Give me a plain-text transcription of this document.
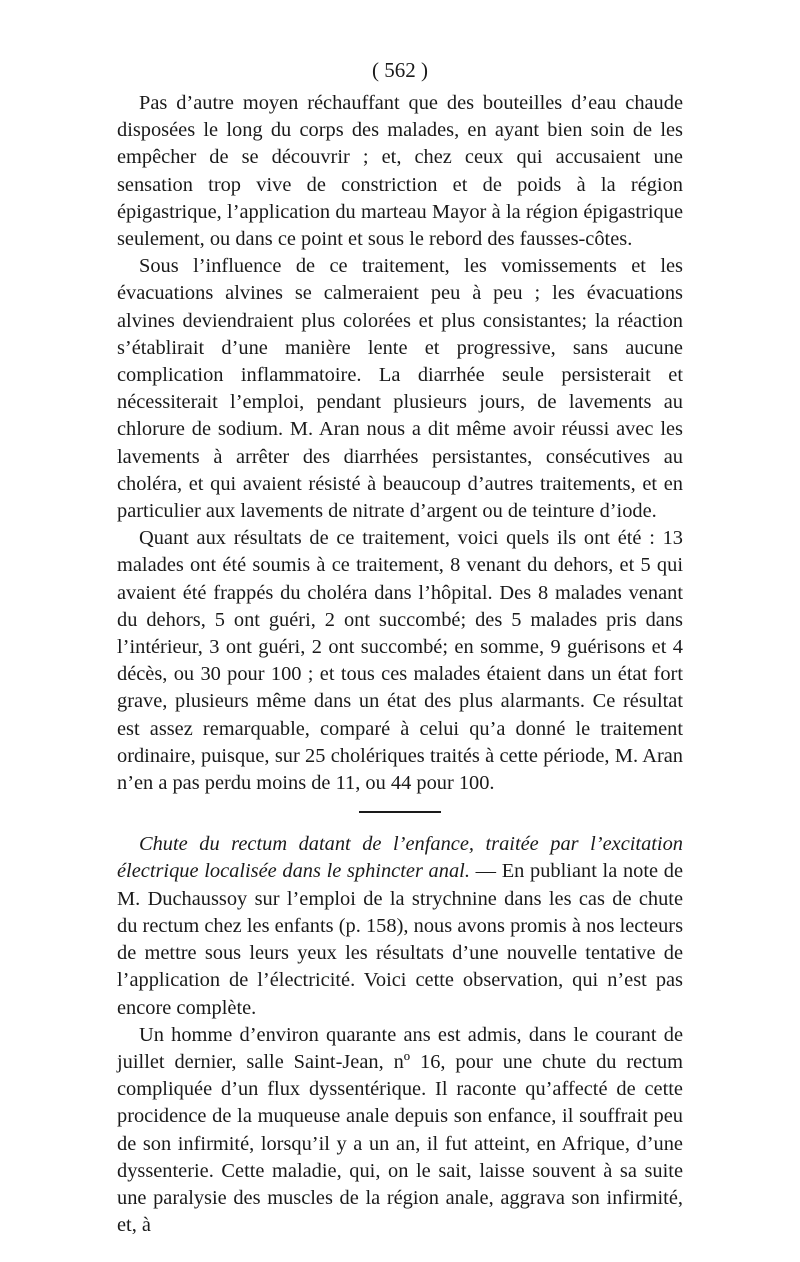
( 562 )

Pas d’autre moyen réchauffant que des bouteilles d’eau chaude disposées le long du corps des malades, en ayant bien soin de les empêcher de se découvrir ; et, chez ceux qui accusaient une sensation trop vive de constriction et de poids à la région épigastrique, l’application du marteau Mayor à la région épigastrique seulement, ou dans ce point et sous le rebord des fausses-côtes.

Sous l’influence de ce traitement, les vomissements et les évacuations alvines se calmeraient peu à peu ; les évacuations alvines deviendraient plus colorées et plus consistantes; la réaction s’établirait d’une manière lente et progressive, sans aucune complication inflammatoire. La diarrhée seule persisterait et nécessiterait l’emploi, pendant plusieurs jours, de lavements au chlorure de sodium. M. Aran nous a dit même avoir réussi avec les lavements à arrêter des diarrhées persistantes, consécutives au choléra, et qui avaient résisté à beaucoup d’autres traitements, et en particulier aux lavements de nitrate d’argent ou de teinture d’iode.

Quant aux résultats de ce traitement, voici quels ils ont été : 13 malades ont été soumis à ce traitement, 8 venant du dehors, et 5 qui avaient été frappés du choléra dans l’hôpital. Des 8 malades venant du dehors, 5 ont guéri, 2 ont succombé; des 5 malades pris dans l’intérieur, 3 ont guéri, 2 ont succombé; en somme, 9 guérisons et 4 décès, ou 30 pour 100 ; et tous ces malades étaient dans un état fort grave, plusieurs même dans un état des plus alarmants. Ce résultat est assez remarquable, comparé à celui qu’a donné le traitement ordinaire, puisque, sur 25 cholériques traités à cette période, M. Aran n’en a pas perdu moins de 11, ou 44 pour 100.

Chute du rectum datant de l’enfance, traitée par l’excitation électrique localisée dans le sphincter anal. — En publiant la note de M. Duchaussoy sur l’emploi de la strychnine dans les cas de chute du rectum chez les enfants (p. 158), nous avons promis à nos lecteurs de mettre sous leurs yeux les résultats d’une nouvelle tentative de l’application de l’électricité. Voici cette observation, qui n’est pas encore complète.

Un homme d’environ quarante ans est admis, dans le courant de juillet dernier, salle Saint-Jean, nº 16, pour une chute du rectum compliquée d’un flux dyssentérique. Il raconte qu’affecté de cette procidence de la muqueuse anale depuis son enfance, il souffrait peu de son infirmité, lorsqu’il y a un an, il fut atteint, en Afrique, d’une dyssenterie. Cette maladie, qui, on le sait, laisse souvent à sa suite une paralysie des muscles de la région anale, aggrava son infirmité, et, à
